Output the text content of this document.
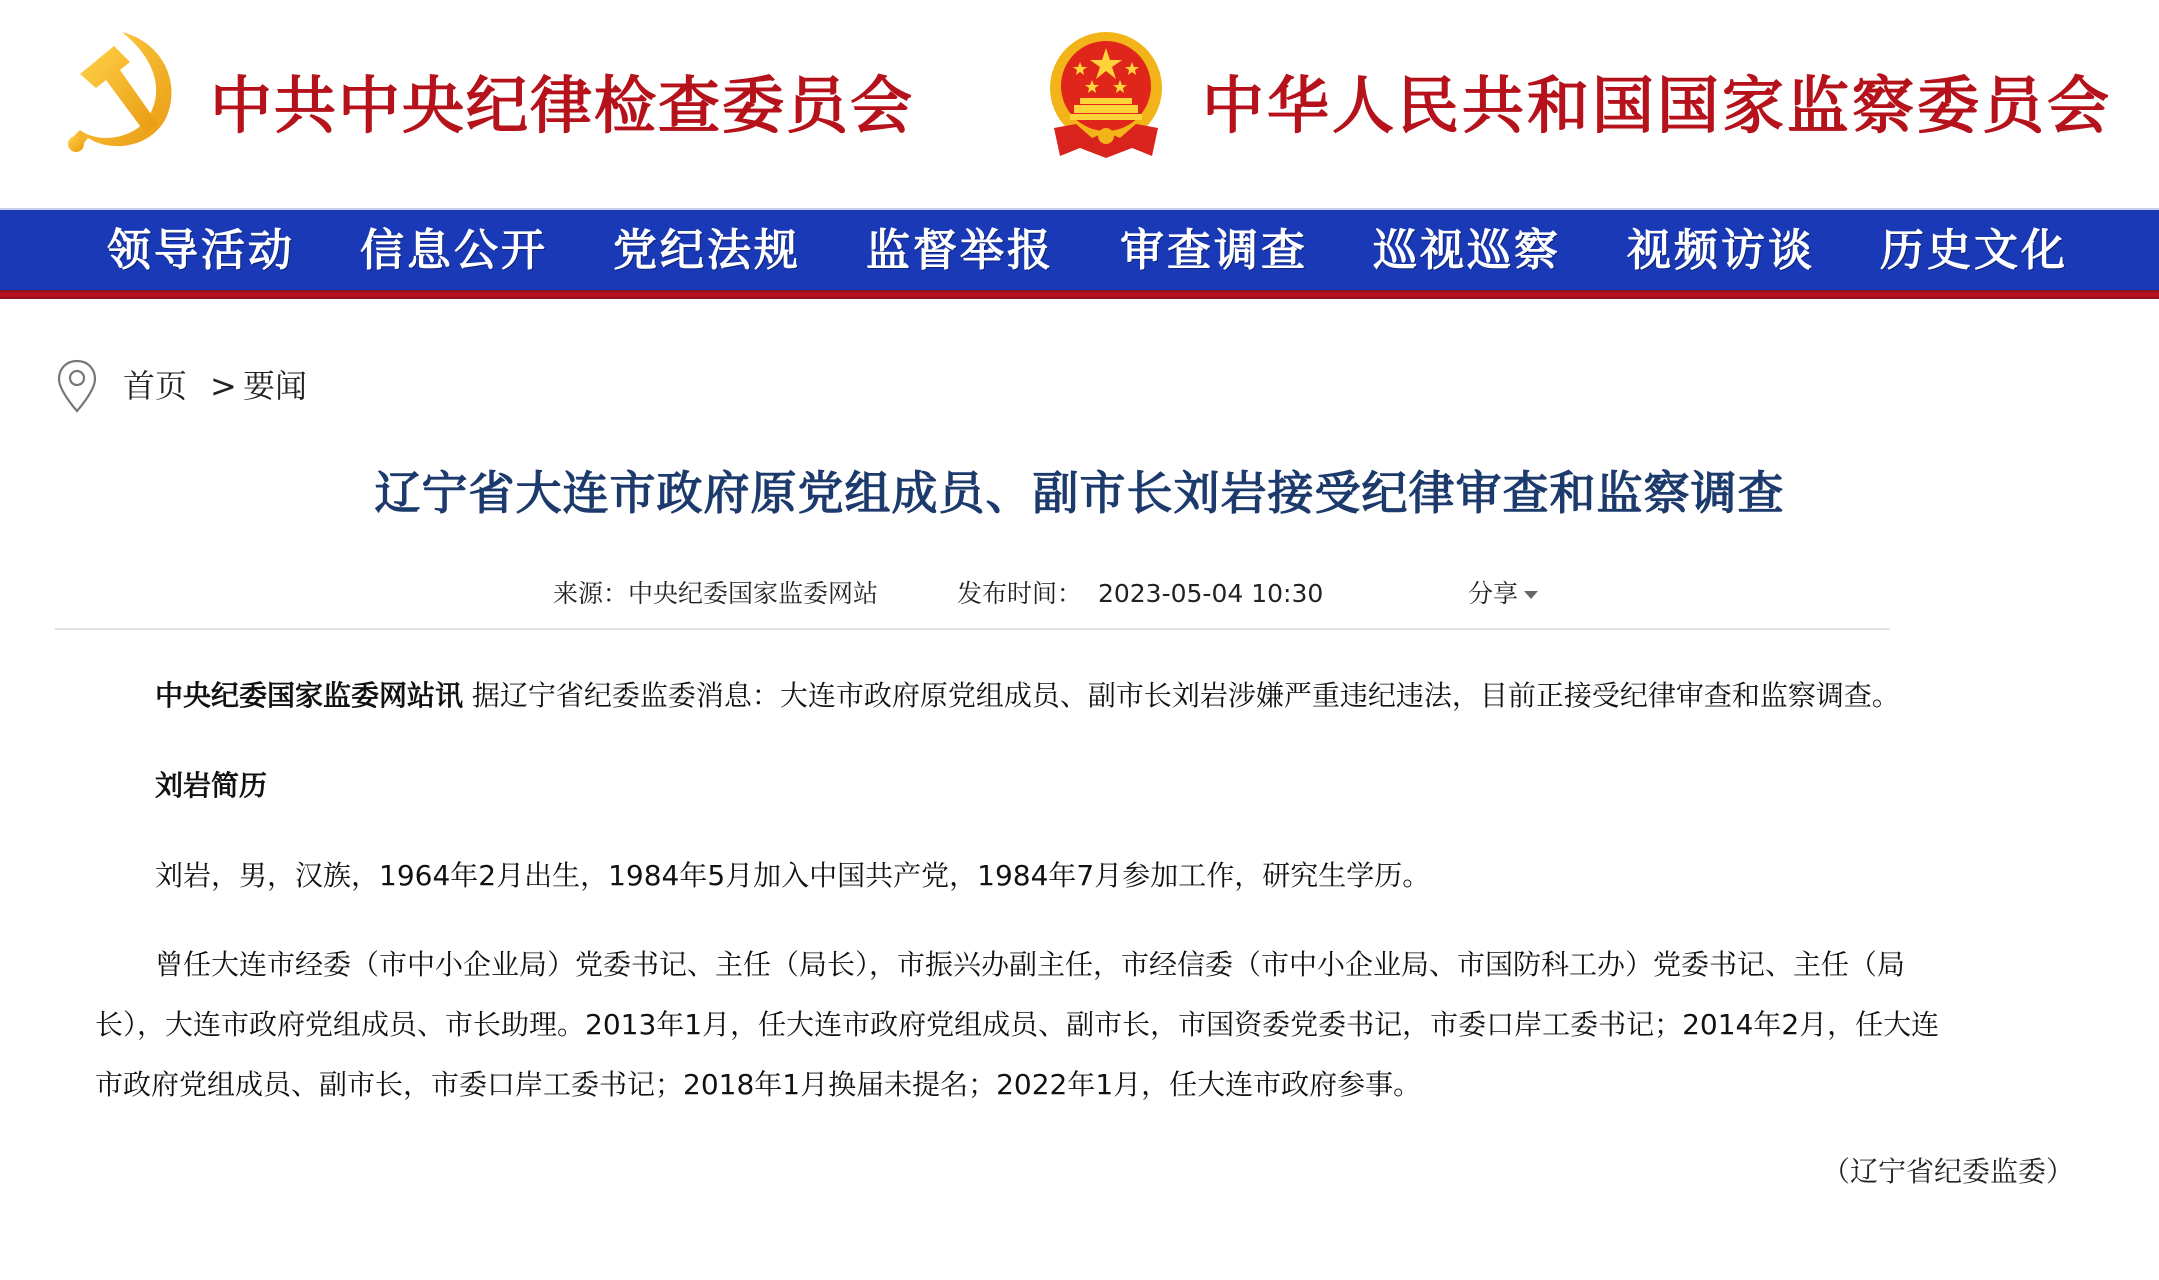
中共中央纪律检查委员会	中华人民共和国国家监察委员会
领导活动 信息公开 党纪法规 监督举报 审查调查 巡视巡察 视频访谈 历史文化
首页 > 要闻
辽宁省大连市政府原党组成员、副市长刘岩接受纪律审查和监察调查
来源：中央纪委国家监委网站	发布时间： 2023-05-04 10:30	分享
中央纪委国家监委网站讯 据辽宁省纪委监委消息：大连市政府原党组成员、副市长刘岩涉嫌严重违纪违法，目前正接受纪律审查和监察调查。
刘岩简历
刘岩，男，汉族，1964年2月出生，1984年5月加入中国共产党，1984年7月参加工作，研究生学历。
曾任大连市经委（市中小企业局）党委书记、主任（局长），市振兴办副主任，市经信委（市中小企业局、市国防科工办）党委书记、主任（局
长），大连市政府党组成员、市长助理。2013年1月，任大连市政府党组成员、副市长，市国资委党委书记，市委口岸工委书记；2014年2月，任大连
市政府党组成员、副市长，市委口岸工委书记；2018年1月换届未提名；2022年1月，任大连市政府参事。
（辽宁省纪委监委）
